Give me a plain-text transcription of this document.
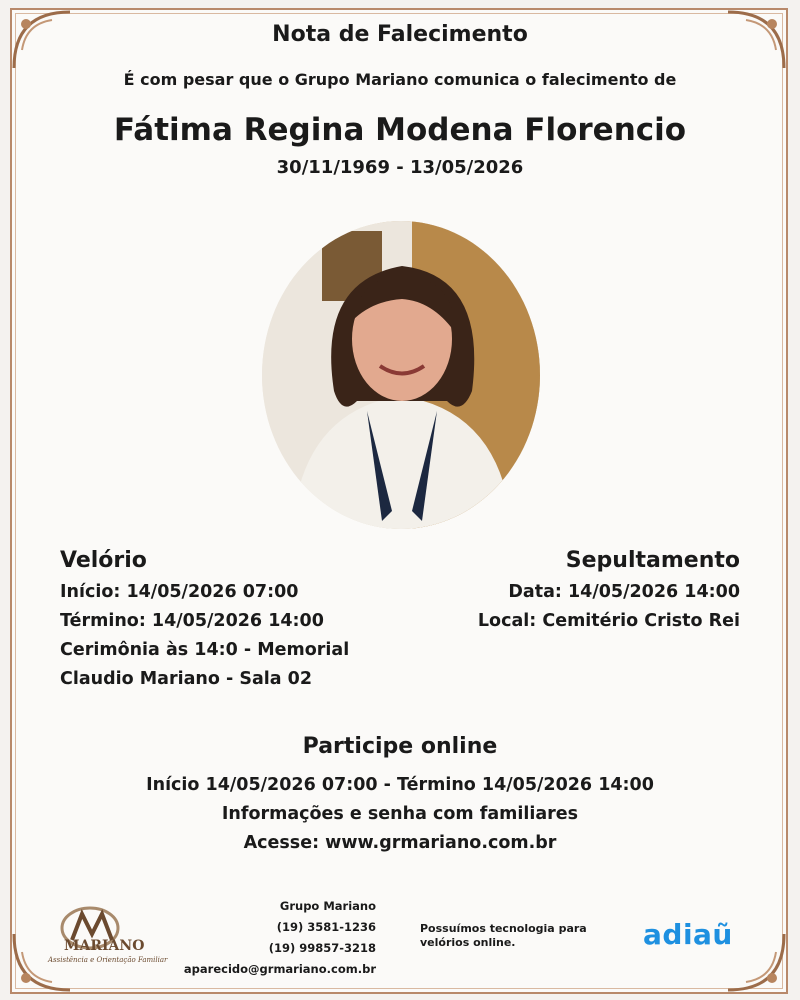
Nota de Falecimento
É com pesar que o Grupo Mariano comunica o falecimento de
Fátima Regina Modena Florencio
30/11/1969 - 13/05/2026
Velório
Início: 14/05/2026 07:00
Término: 14/05/2026 14:00
Cerimônia às 14:0 - Memorial
Claudio Mariano - Sala 02
Sepultamento
Data: 14/05/2026 14:00
Local: Cemitério Cristo Rei
Participe online
Início 14/05/2026 07:00 - Término 14/05/2026 14:00
Informações e senha com familiares
Acesse: www.grmariano.com.br
MARIANO
Assistência e Orientação Familiar
Grupo Mariano
(19) 3581-1236
(19) 99857-3218
aparecido@grmariano.com.br
Possuímos tecnologia para velórios online.	adiaũ
